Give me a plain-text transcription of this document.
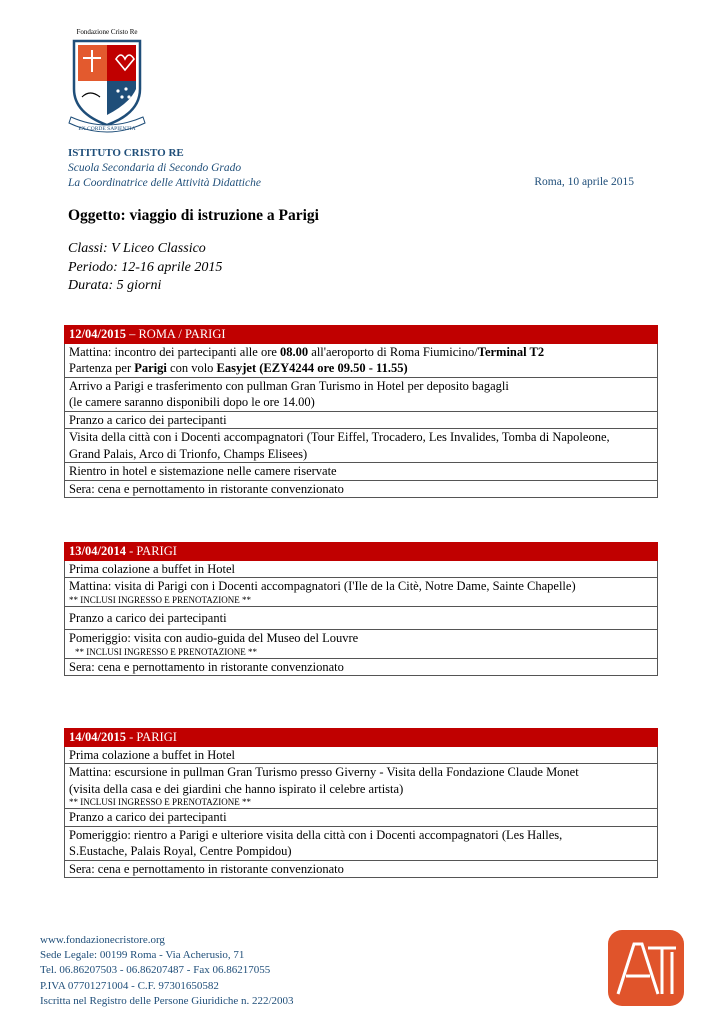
Fondazione Cristo Re
EX CORDE SAPIENTIA
ISTITUTO CRISTO RE
Scuola Secondaria di Secondo Grado
La Coordinatrice delle Attività Didattiche	Roma, 10 aprile 2015
Oggetto: viaggio di istruzione a Parigi
Classi: V Liceo Classico
Periodo: 12-16 aprile 2015
Durata: 5 giorni
12/04/2015 – ROMA / PARIGI
Mattina: incontro dei partecipanti alle ore 08.00 all'aeroporto di Roma Fiumicino/Terminal T2
Partenza per Parigi con volo Easyjet (EZY4244 ore 09.50 - 11.55)
Arrivo a Parigi e trasferimento con pullman Gran Turismo in Hotel per deposito bagagli
(le camere saranno disponibili dopo le ore 14.00)
Pranzo a carico dei partecipanti
Visita della città con i Docenti accompagnatori (Tour Eiffel, Trocadero, Les Invalides, Tomba di Napoleone,
Grand Palais, Arco di Trionfo, Champs Elisees)
Rientro in hotel e sistemazione nelle camere riservate
Sera: cena e pernottamento in ristorante convenzionato
13/04/2014 - PARIGI
Prima colazione a buffet in Hotel
Mattina: visita di Parigi con i Docenti accompagnatori (I'Ile de la Citè, Notre Dame, Sainte Chapelle)
** INCLUSI INGRESSO E PRENOTAZIONE **

Pranzo a carico dei partecipanti
Pomeriggio: visita con audio-guida del Museo del Louvre
** INCLUSI INGRESSO E PRENOTAZIONE **

Sera: cena e pernottamento in ristorante convenzionato
14/04/2015 - PARIGI
Prima colazione a buffet in Hotel
Mattina: escursione in pullman Gran Turismo presso Giverny - Visita della Fondazione Claude Monet
(visita della casa e dei giardini che hanno ispirato il celebre artista)
** INCLUSI INGRESSO E PRENOTAZIONE **

Pranzo a carico dei partecipanti
Pomeriggio: rientro a Parigi e ulteriore visita della città con i Docenti accompagnatori (Les Halles,
S.Eustache, Palais Royal, Centre Pompidou)
Sera: cena e pernottamento in ristorante convenzionato
www.fondazionecristore.org
Sede Legale: 00199 Roma - Via Acherusio, 71
Tel. 06.86207503 - 06.86207487 - Fax 06.86217055
P.IVA 07701271004 - C.F. 97301650582
Iscritta nel Registro delle Persone Giuridiche n. 222/2003
